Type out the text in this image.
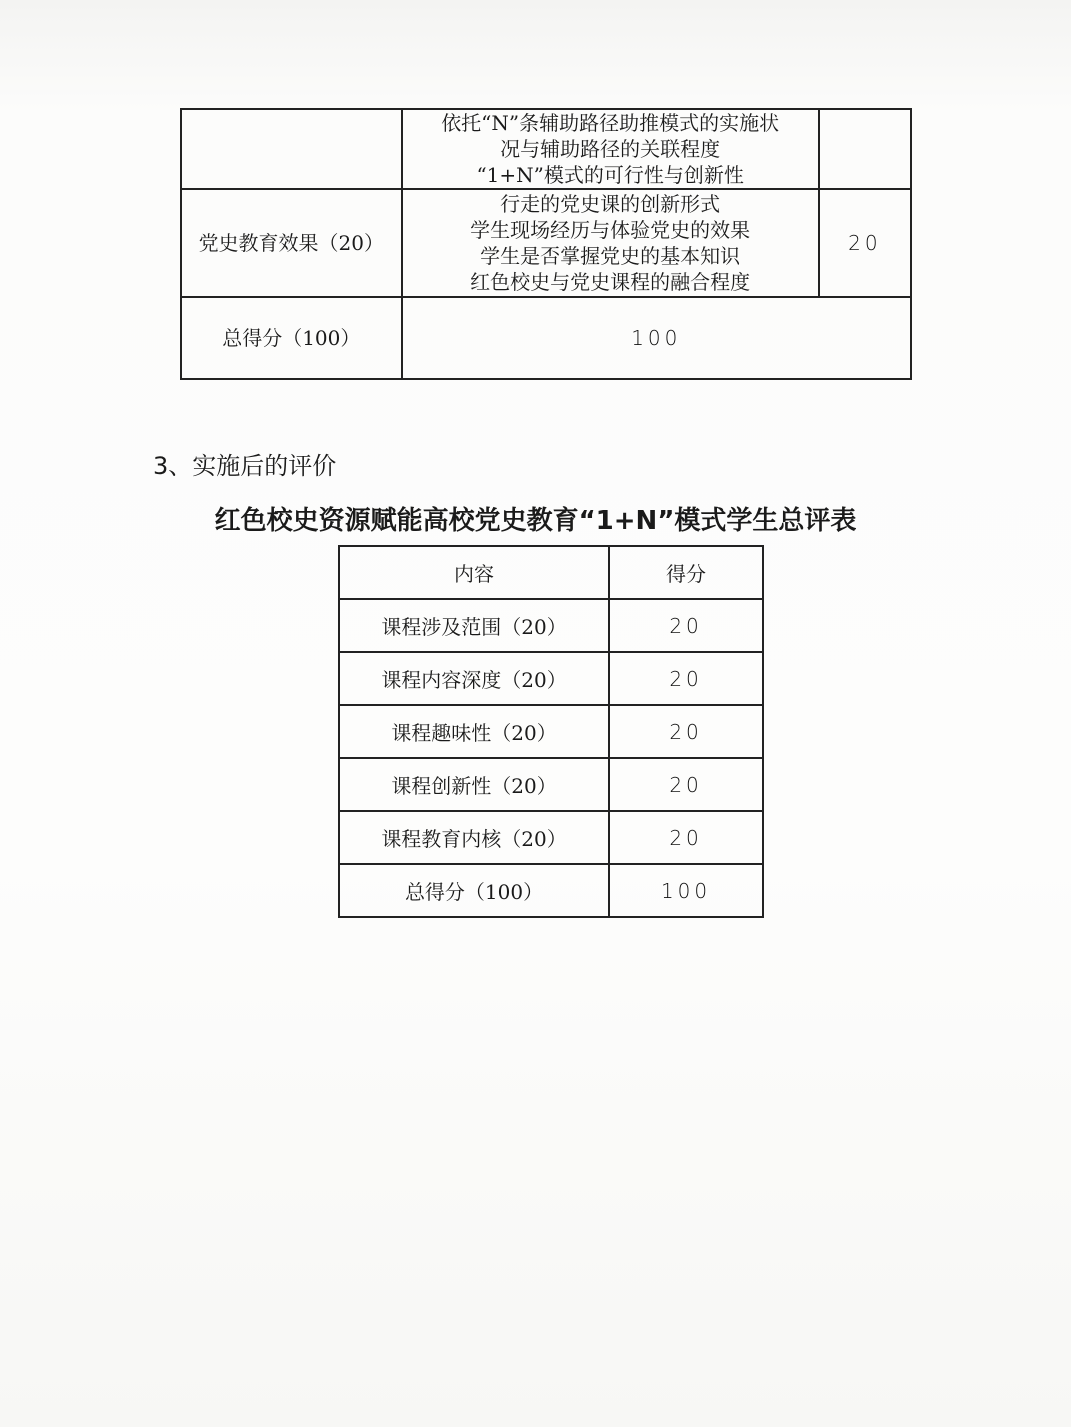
	依托“N”条辅助路径助推模式的实施状
况与辅助路径的关联程度
“1+N”模式的可行性与创新性	

党史教育效果（20）	行走的党史课的创新形式
学生现场经历与体验党史的效果
学生是否掌握党史的基本知识
红色校史与党史课程的融合程度	20
总得分（100）	100	
3、实施后的评价
红色校史资源赋能高校党史教育“1+N”模式学生总评表
内容	得分
课程涉及范围（20）	20
课程内容深度（20）	20
课程趣味性（20）	20
课程创新性（20）	20
课程教育内核（20）	20
总得分（100）	100
